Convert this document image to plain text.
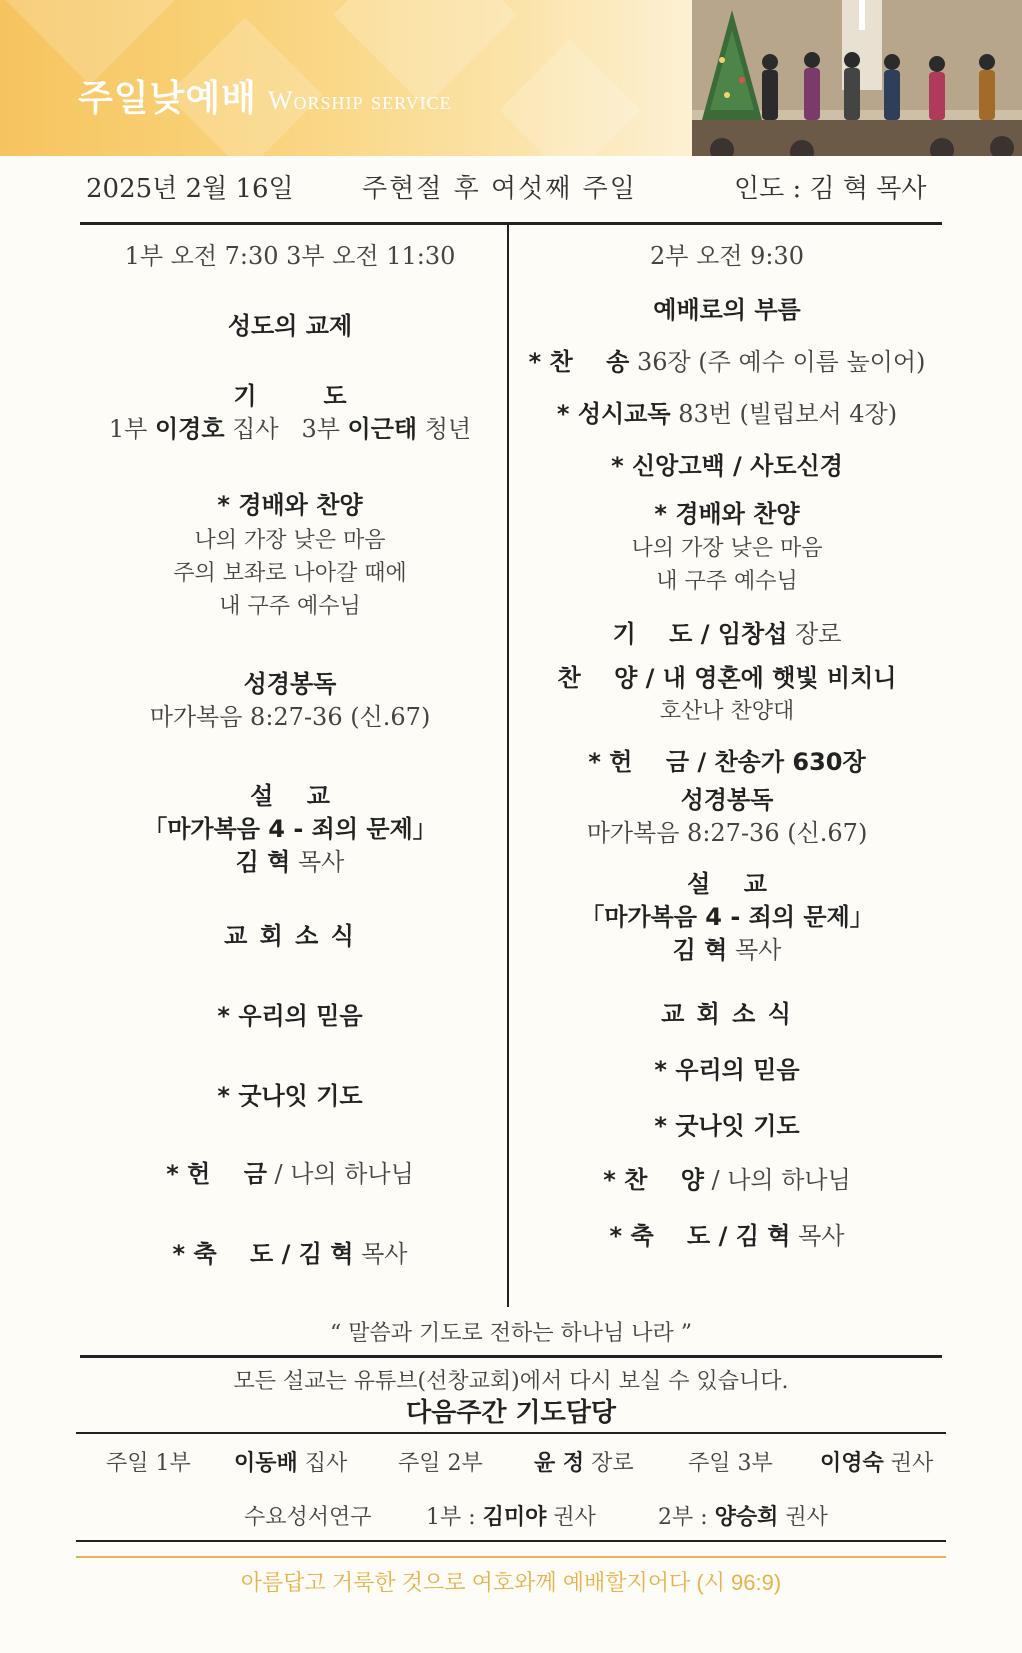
주일낮예배 Worship service
2025년 2월 16일	주현절 후 여섯째 주일	인도 : 김 혁 목사
1부 오전 7:30 3부 오전 11:30
성도의 교제
기        도
1부 이경호 집사 3부 이근태 청년
* 경배와 찬양
나의 가장 낮은 마음
주의 보좌로 나아갈 때에
내 구주 예수님
성경봉독
마가복음 8:27-36 (신.67)
설    교
「마가복음 4 - 죄의 문제」
김 혁 목사
교 회 소 식
* 우리의 믿음
* 굿나잇 기도
* 헌    금 / 나의 하나님
* 축    도 / 김 혁 목사
2부 오전 9:30
예배로의 부름
* 찬    송 36장 (주 예수 이름 높이어)
* 성시교독 83번 (빌립보서 4장)
* 신앙고백 / 사도신경
* 경배와 찬양
나의 가장 낮은 마음
내 구주 예수님
기    도 / 임창섭 장로
찬    양 / 내 영혼에 햇빛 비치니
호산나 찬양대
* 헌    금 / 찬송가 630장
성경봉독
마가복음 8:27-36 (신.67)
설    교
「마가복음 4 - 죄의 문제」
김 혁 목사
교 회 소 식
* 우리의 믿음
* 굿나잇 기도
* 찬    양 / 나의 하나님
* 축    도 / 김 혁 목사
“ 말씀과 기도로 전하는 하나님 나라 ”
모든 설교는 유튜브(선창교회)에서 다시 보실 수 있습니다.
다음주간 기도담당
주일 1부 이동배 집사 주일 2부 윤 정 장로 주일 3부 이영숙 권사
수요성서연구 1부 : 김미야 권사	2부 : 양승희 권사
아름답고 거룩한 것으로 여호와께 예배할지어다 (시 96:9)
